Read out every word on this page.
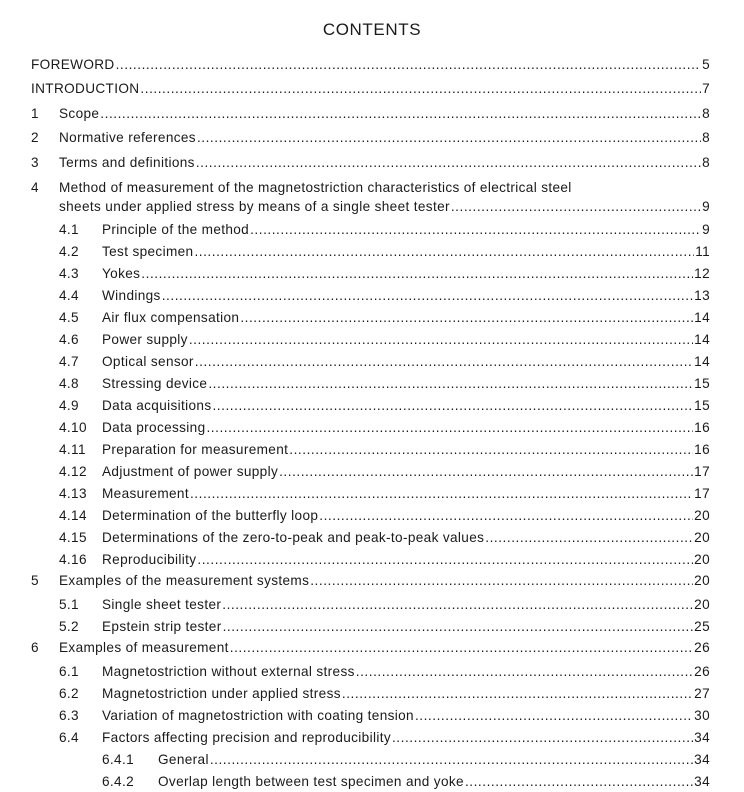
CONTENTS
FOREWORD .....	5
INTRODUCTION .....	7
1 Scope .....	8
2 Normative references .....	8
3 Terms and definitions .....	8
4 Method of measurement of the magnetostriction characteristics of electrical steel
sheets under applied stress by means of a single sheet tester .....	9
4.1 Principle of the method .....	9
4.2 Test specimen .....	11
4.3 Yokes .....	12
4.4 Windings .....	13
4.5 Air flux compensation .....	14
4.6 Power supply .....	14
4.7 Optical sensor .....	14
4.8 Stressing device .....	15
4.9 Data acquisitions .....	15
4.10 Data processing .....	16
4.11 Preparation for measurement .....	16
4.12 Adjustment of power supply .....	17
4.13 Measurement .....	17
4.14 Determination of the butterfly loop .....	20
4.15 Determinations of the zero-to-peak and peak-to-peak values .....	20
4.16 Reproducibility .....	20
5 Examples of the measurement systems .....	20
5.1 Single sheet tester .....	20
5.2 Epstein strip tester .....	25
6 Examples of measurement .....	26
6.1 Magnetostriction without external stress .....	26
6.2 Magnetostriction under applied stress .....	27
6.3 Variation of magnetostriction with coating tension .....	30
6.4 Factors affecting precision and reproducibility .....	34
6.4.1 General .....	34
6.4.2 Overlap length between test specimen and yoke .....	34
